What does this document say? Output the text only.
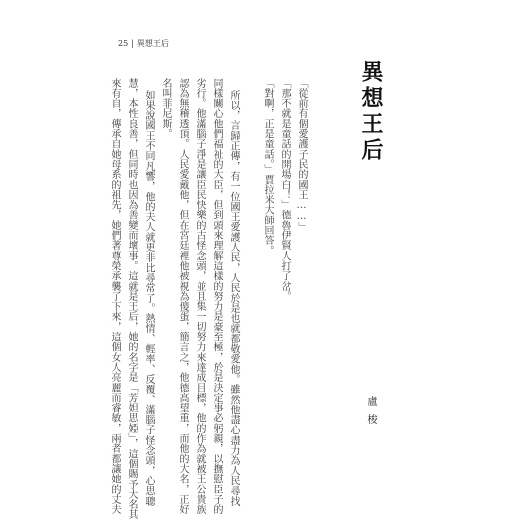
25 | 異想王后
異想王后
「從前有個愛護子民的國王……」
「那不就是童話的開場白！」德魯伊賢人打了岔。
「對啊，正是童話。」賈拉米大師回答。
所以，言歸正傳，有一位國王愛護人民，人民於是也就都敬愛他。雖然他盡心盡力為人民尋找
同樣關心他們福祉的大臣，但到頭來理解這樣的努力是豪至極，於是決定事必躬親，以撫慰臣子的
劣行。他滿腦子淨是讓臣民快樂的古怪念頭，並且集一切努力來達成目標，他的作為就被王公貴族
認為無稽透頂。人民愛戴他，但在宮廷裡他被視為傻蛋，簡言之，他德高望重，而他的大名，正好
名叫菲尼斯。
如果說國王不同凡響，他的夫人就更非比尋常了。熱情、輕率、反覆、滿腦子怪念頭，心思聰
慧，本性良善，但同時也因為善變而壞事。這就是王后，她的名字是「芳妲思婭」，這個賜予大名其
來有自，傳承自她母系的祖先，她們著尊榮承襲了下來，這個女人亮麗而睿敏，兩者都讓她的丈夫	盧梭
